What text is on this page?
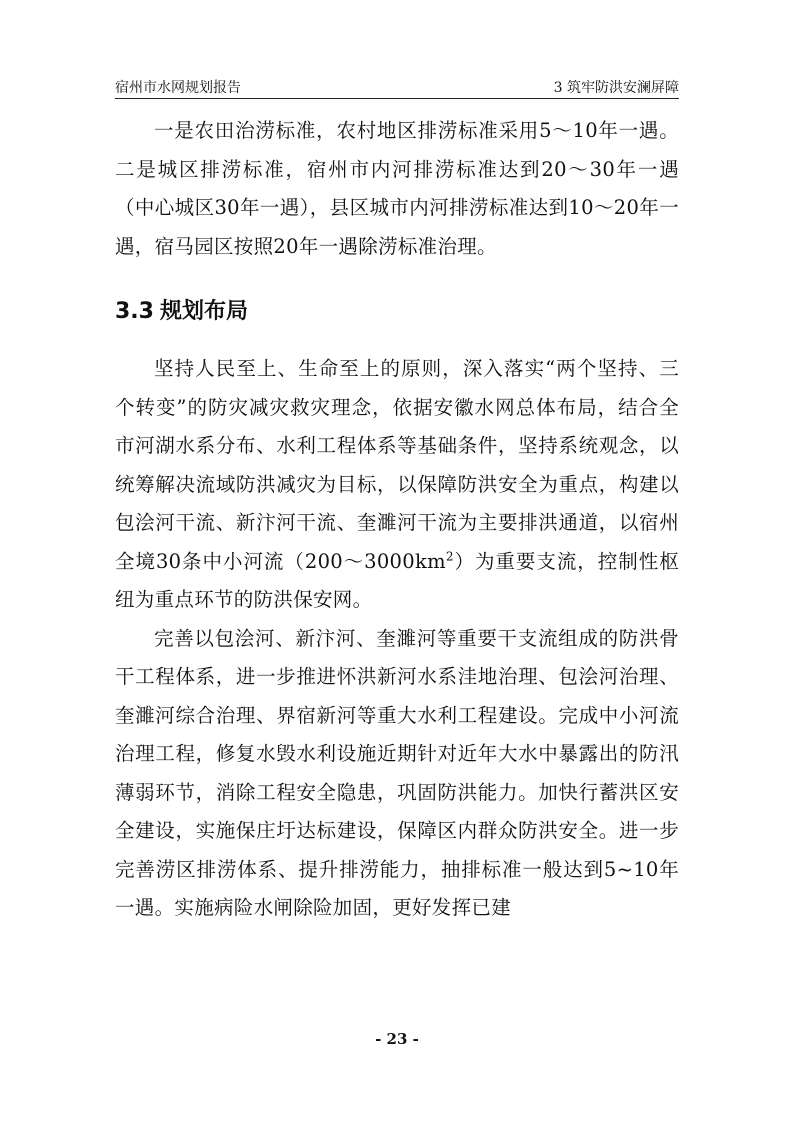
宿州市水网规划报告	3 筑牢防洪安澜屏障

一是农田治涝标准，农村地区排涝标准采用5～10年一遇。二是城区排涝标准，宿州市内河排涝标准达到20～30年一遇（中心城区30年一遇），县区城市内河排涝标准达到10～20年一遇，宿马园区按照20年一遇除涝标准治理。

3.3 规划布局

坚持人民至上、生命至上的原则，深入落实“两个坚持、三个转变”的防灾减灾救灾理念，依据安徽水网总体布局，结合全市河湖水系分布、水利工程体系等基础条件，坚持系统观念，以统筹解决流域防洪减灾为目标，以保障防洪安全为重点，构建以包浍河干流、新汴河干流、奎濉河干流为主要排洪通道，以宿州全境30条中小河流$(200\sim 3000km^2)$为重要支流，控制性枢纽为重点环节的防洪保安网。

完善以包浍河、新汴河、奎濉河等重要干支流组成的防洪骨干工程体系，进一步推进怀洪新河水系洼地治理、包浍河治理、奎濉河综合治理、界宿新河等重大水利工程建设。完成中小河流治理工程，修复水毁水利设施近期针对近年大水中暴露出的防汛薄弱环节，消除工程安全隐患，巩固防洪能力。加快行蓄洪区安全建设，实施保庄圩达标建设，保障区内群众防洪安全。进一步完善涝区排涝体系、提升排涝能力，抽排标准一般达到5~10年一遇。实施病险水闸除险加固，更好发挥已建

- 23 -
